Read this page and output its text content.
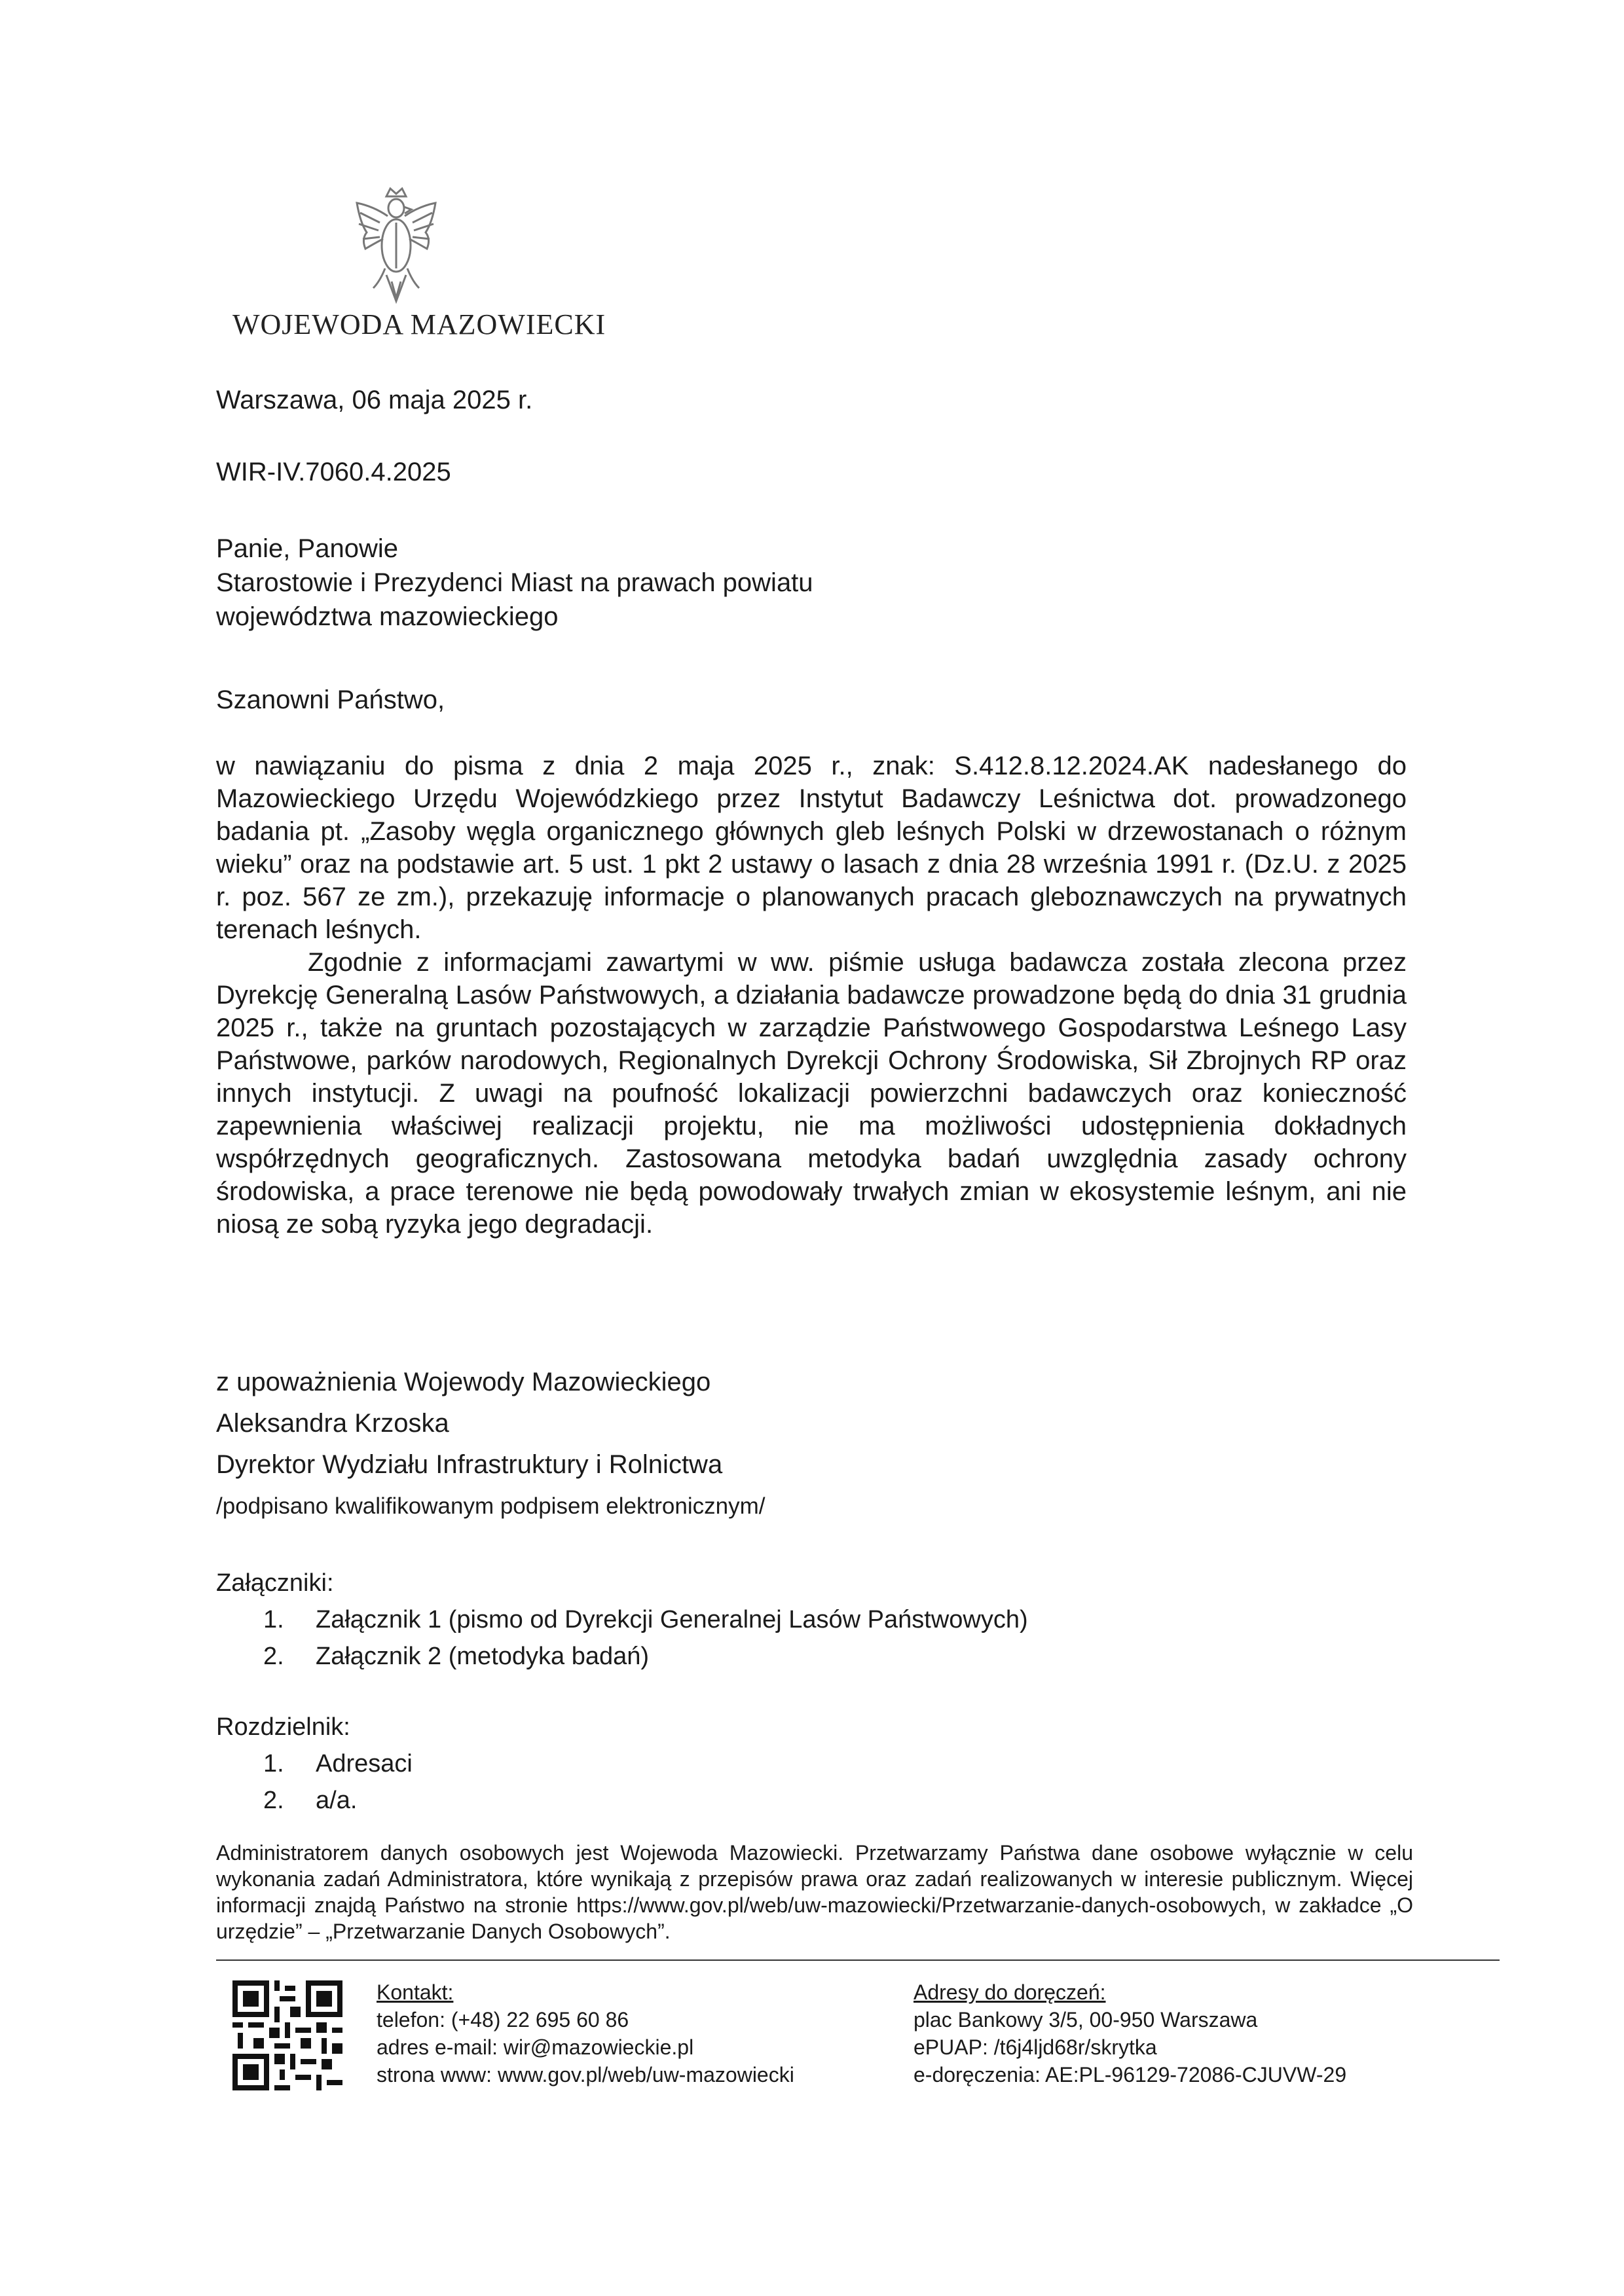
WOJEWODA MAZOWIECKI
Warszawa, 06 maja 2025 r.
WIR-IV.7060.4.2025
Panie, Panowie
Starostowie i Prezydenci Miast na prawach powiatu
województwa mazowieckiego
Szanowni Państwo,

w nawiązaniu do pisma z dnia 2 maja 2025 r., znak: S.412.8.12.2024.AK nadesłanego do Mazowieckiego Urzędu Wojewódzkiego przez Instytut Badawczy Leśnictwa dot. prowadzonego badania pt. „Zasoby węgla organicznego głównych gleb leśnych Polski w drzewostanach o różnym wieku” oraz na podstawie art. 5 ust. 1 pkt 2 ustawy o lasach z dnia 28 września 1991 r. (Dz.U. z 2025 r. poz. 567 ze zm.), przekazuję informacje o planowanych pracach gleboznawczych na prywatnych terenach leśnych.

Zgodnie z informacjami zawartymi w ww. piśmie usługa badawcza została zlecona przez Dyrekcję Generalną Lasów Państwowych, a działania badawcze prowadzone będą do dnia 31 grudnia 2025 r., także na gruntach pozostających w zarządzie Państwowego Gospodarstwa Leśnego Lasy Państwowe, parków narodowych, Regionalnych Dyrekcji Ochrony Środowiska, Sił Zbrojnych RP oraz innych instytucji. Z uwagi na poufność lokalizacji powierzchni badawczych oraz konieczność zapewnienia właściwej realizacji projektu, nie ma możliwości udostępnienia dokładnych współrzędnych geograficznych. Zastosowana metodyka badań uwzględnia zasady ochrony środowiska, a prace terenowe nie będą powodowały trwałych zmian w ekosystemie leśnym, ani nie niosą ze sobą ryzyka jego degradacji.

z upoważnienia Wojewody Mazowieckiego
Aleksandra Krzoska
Dyrektor Wydziału Infrastruktury i Rolnictwa
/podpisano kwalifikowanym podpisem elektronicznym/
Załączniki:
1. Załącznik 1 (pismo od Dyrekcji Generalnej Lasów Państwowych)
2. Załącznik 2 (metodyka badań)
Rozdzielnik:
1. Adresaci
2. a/a.
Administratorem danych osobowych jest Wojewoda Mazowiecki. Przetwarzamy Państwa dane osobowe wyłącznie w celu wykonania zadań Administratora, które wynikają z przepisów prawa oraz zadań realizowanych w interesie publicznym. Więcej informacji znajdą Państwo na stronie https://www.gov.pl/web/uw-mazowiecki/Przetwarzanie-danych-osobowych, w zakładce „O urzędzie” – „Przetwarzanie Danych Osobowych”.
Kontakt:
telefon: (+48) 22 695 60 86
adres e-mail: wir@mazowieckie.pl
strona www: www.gov.pl/web/uw-mazowiecki
Adresy do doręczeń:
plac Bankowy 3/5, 00-950 Warszawa
ePUAP: /t6j4ljd68r/skrytka
e-doręczenia: AE:PL-96129-72086-CJUVW-29
